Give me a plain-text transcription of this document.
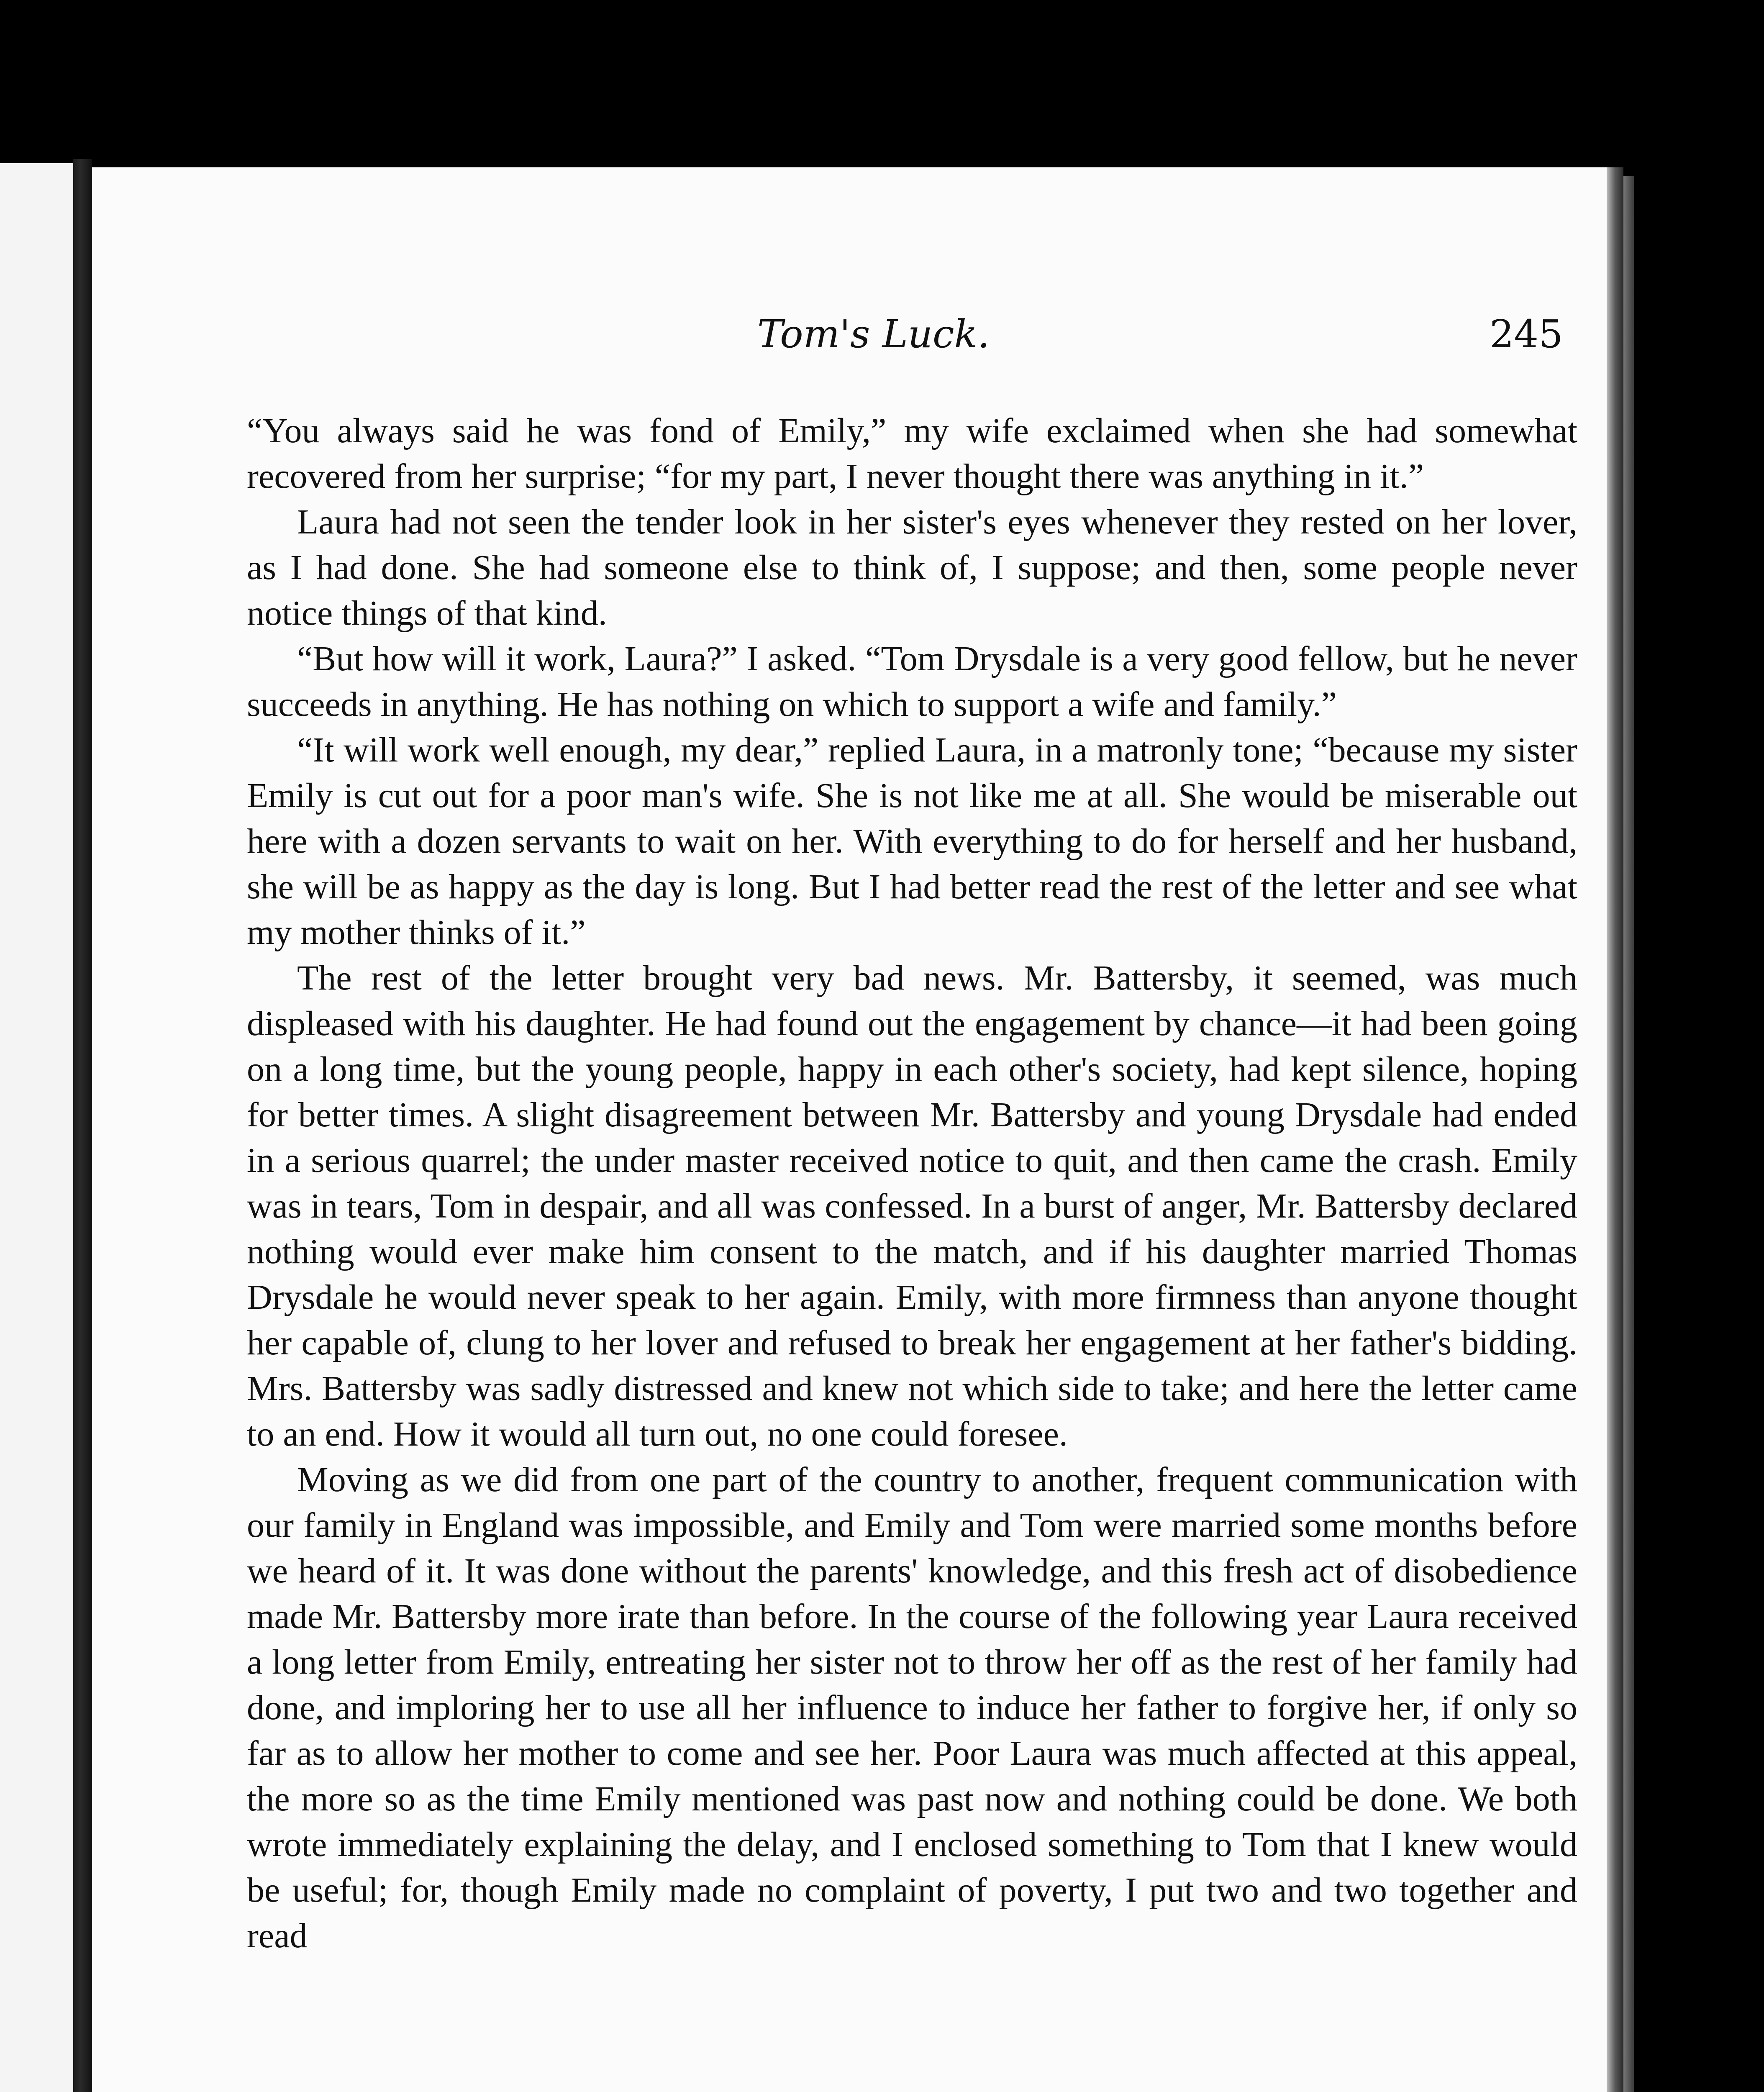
Tom's Luck.	245

“You always said he was fond of Emily,” my wife exclaimed when she had somewhat recovered from her surprise; “for my part, I never thought there was anything in it.”

Laura had not seen the tender look in her sister's eyes whenever they rested on her lover, as I had done. She had someone else to think of, I suppose; and then, some people never notice things of that kind.

“But how will it work, Laura?” I asked. “Tom Drysdale is a very good fellow, but he never succeeds in anything. He has nothing on which to support a wife and family.”

“It will work well enough, my dear,” replied Laura, in a matronly tone; “because my sister Emily is cut out for a poor man's wife. She is not like me at all. She would be miserable out here with a dozen servants to wait on her. With everything to do for herself and her husband, she will be as happy as the day is long. But I had better read the rest of the letter and see what my mother thinks of it.”

The rest of the letter brought very bad news. Mr. Battersby, it seemed, was much displeased with his daughter. He had found out the engagement by chance—it had been going on a long time, but the young people, happy in each other's society, had kept silence, hoping for better times. A slight disagreement between Mr. Battersby and young Drysdale had ended in a serious quarrel; the under master received notice to quit, and then came the crash. Emily was in tears, Tom in despair, and all was confessed. In a burst of anger, Mr. Battersby declared nothing would ever make him consent to the match, and if his daughter married Thomas Drysdale he would never speak to her again. Emily, with more firmness than anyone thought her capable of, clung to her lover and refused to break her engagement at her father's bidding. Mrs. Battersby was sadly distressed and knew not which side to take; and here the letter came to an end. How it would all turn out, no one could foresee.

Moving as we did from one part of the country to another, frequent communication with our family in England was impossible, and Emily and Tom were married some months before we heard of it. It was done without the parents' knowledge, and this fresh act of disobedience made Mr. Battersby more irate than before. In the course of the following year Laura received a long letter from Emily, entreating her sister not to throw her off as the rest of her family had done, and imploring her to use all her influence to induce her father to forgive her, if only so far as to allow her mother to come and see her. Poor Laura was much affected at this appeal, the more so as the time Emily mentioned was past now and nothing could be done. We both wrote immediately explaining the delay, and I enclosed something to Tom that I knew would be useful; for, though Emily made no complaint of poverty, I put two and two together and read
